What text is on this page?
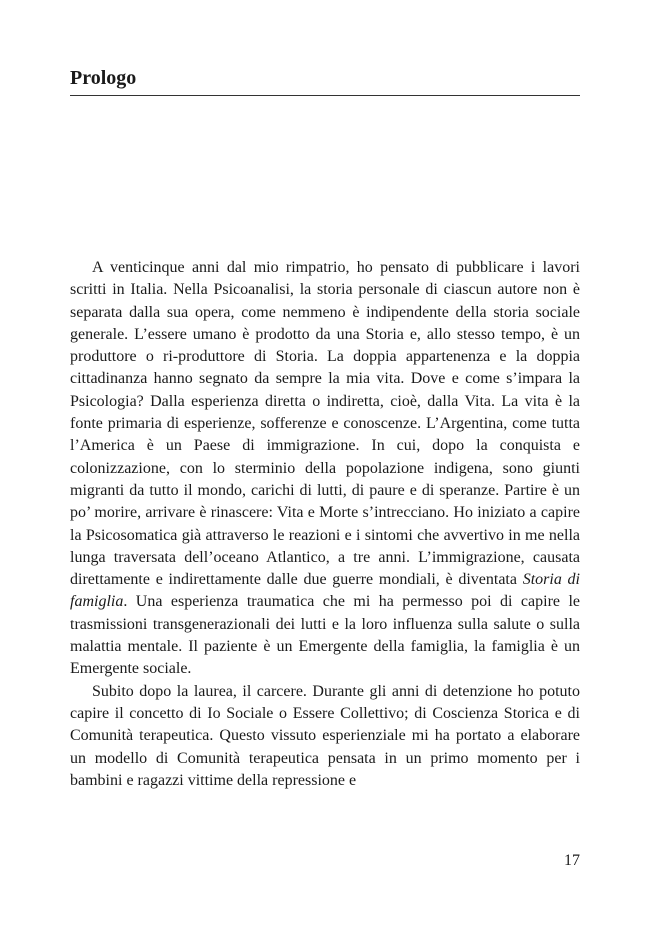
Prologo

A venticinque anni dal mio rimpatrio, ho pensato di pubblicare i lavori scritti in Italia. Nella Psicoanalisi, la storia personale di ciascun autore non è separata dalla sua opera, come nemmeno è indipendente della storia sociale generale. L’essere umano è prodotto da una Storia e, allo stesso tempo, è un produttore o ri-produttore di Storia. La doppia appartenenza e la doppia cittadinanza hanno segnato da sempre la mia vita. Dove e come s’impara la Psicologia? Dalla esperienza diretta o indiretta, cioè, dalla Vita. La vita è la fonte primaria di esperienze, sofferenze e conoscenze. L’Argentina, come tutta l’America è un Paese di immigrazione. In cui, dopo la conquista e colonizzazione, con lo sterminio della popolazione indigena, sono giunti migranti da tutto il mondo, carichi di lutti, di paure e di speranze. Partire è un po’ morire, arrivare è rinascere: Vita e Morte s’intrecciano. Ho iniziato a capire la Psicosomatica già attraverso le reazioni e i sintomi che avvertivo in me nella lunga traversata dell’oceano Atlantico, a tre anni. L’immigrazione, causata direttamente e indirettamente dalle due guerre mondiali, è diventata Storia di famiglia. Una esperienza traumatica che mi ha permesso poi di capire le trasmissioni transgenerazionali dei lutti e la loro influenza sulla salute o sulla malattia mentale. Il paziente è un Emergente della famiglia, la famiglia è un Emergente sociale.

Subito dopo la laurea, il carcere. Durante gli anni di detenzione ho potuto capire il concetto di Io Sociale o Essere Collettivo; di Coscienza Storica e di Comunità terapeutica. Questo vissuto esperienziale mi ha portato a elaborare un modello di Comunità terapeutica pensata in un primo momento per i bambini e ragazzi vittime della repressione e

17
